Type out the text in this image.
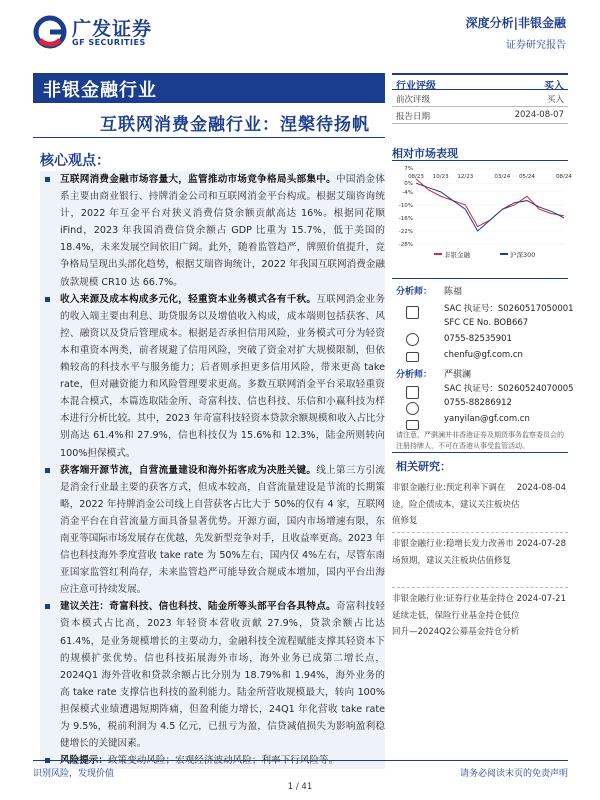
广发证券
GF SECURITIES
深度分析|非银金融
证券研究报告
非银金融行业
互联网消费金融行业：涅槃待扬帆
行业评级	买入
前次评级	买入
报告日期	2024-08-07
核心观点：
互联网消费金融市场容量大，监管推动市场竞争格局头部集中。中国消金体系主要由商业银行、持牌消金公司和互联网消金平台构成。根据艾瑞咨询统计，2022 年互金平台对狭义消费信贷余额贡献高达 16%。根据同花顺 iFind，2023 年我国消费信贷余额占 GDP 比重为 15.7%，低于美国的 18.4%，未来发展空间依旧广阔。此外，随着监管趋严，牌照价值提升，竞争格局呈现出头部化趋势，根据艾瑞咨询统计，2022 年我国互联网消费金融放款规模 CR10 达 66.7%。
收入来源及成本构成多元化，轻重资本业务模式各有千秋。互联网消金业务的收入端主要由利息、助贷服务以及增值收入构成，成本端则包括获客、风控、融资以及贷后管理成本。根据是否承担信用风险，业务模式可分为轻资本和重资本两类，前者规避了信用风险，突破了资金对扩大规模限制，但依赖较高的科技水平与服务能力；后者则承担更多信用风险，带来更高 take rate，但对融资能力和风险管理要求更高。多数互联网消金平台采取轻重资本混合模式，本篇选取陆金所、奇富科技、信也科技、乐信和小赢科技为样本进行分析比较。其中，2023 年奇富科技轻资本贷款余额规模和收入占比分别高达 61.4%和 27.9%，信也科技仅为 15.6%和 12.3%，陆金所则转向 100%担保模式。
获客端开源节流，自营流量建设和海外拓客成为决胜关键。线上第三方引流是消金行业最主要的获客方式，但成本较高，自营流量建设是节流的长期策略，2022 年持牌消金公司线上自营获客占比大于 50%的仅有 4 家，互联网消金平台在自营流量方面具备显著优势。开源方面，国内市场增速有限，东南亚等国际市场发展存在优越，先发新型竞争对手，且收益率更高。2023 年信也科技海外季度营收 take rate 为 50%左右，国内仅 4%左右，尽管东南亚国家监管红利尚存，未来监管趋严可能导致合规成本增加，国内平台出海应注意可持续发展。
建议关注：奇富科技、信也科技、陆金所等头部平台各具特点。奇富科技轻资本模式占比高，2023 年轻资本营收贡献 27.9%，贷款余额占比达 61.4%，是业务规模增长的主要动力，金融科技全流程赋能支撑其轻资本下的规模扩张优势。信也科技拓展海外市场，海外业务已成第二增长点，2024Q1 海外营收和贷款余额占比分别为 18.79%和 1.94%，海外业务的高 take rate 支撑信也科技的盈利能力。陆金所营收规模最大，转向 100%担保模式业绩遭遇短期阵痛，但盈利能力增长，24Q1 年化营收 take rate 为 9.5%，税前利润为 4.5 亿元，已扭亏为盈，信贷减值损失为影响盈利稳健增长的关键因素。
风险提示：政策变动风险；宏观经济波动风险；利率下行风险等。
相对市场表现
7%
0%
-4%
-10%
-16%
-22%
-28%
08/23 10/23 12/23	03/24 05/24	08/24
非银金融	沪深300
分析师： 陈福
SAC 执证号：S0260517050001
SFC CE No. BOB667
0755-82535901
chenfu@gf.com.cn
分析师： 严骐澜
SAC 执证号：S0260524070005
0755-88286912
yanyilan@gf.com.cn
请注意，严骐澜并非香港证券及期货事务监察委员会的注册持牌人，不可在香港从事受监管活动。
相关研究：
非银金融行业:预定利率下调在途，险企债成本，建议关注板块估值修复
2024-08-04
非银金融行业:稳增长发力改善市场预期，建议关注板块估值修复
2024-07-28
非银金融行业:证券行业基金持仓延续走低，保险行业基金持仓低位回升—2024Q2公募基金持仓分析
2024-07-21
识别风险，发现价值	请务必阅读末页的免责声明
1 / 41
